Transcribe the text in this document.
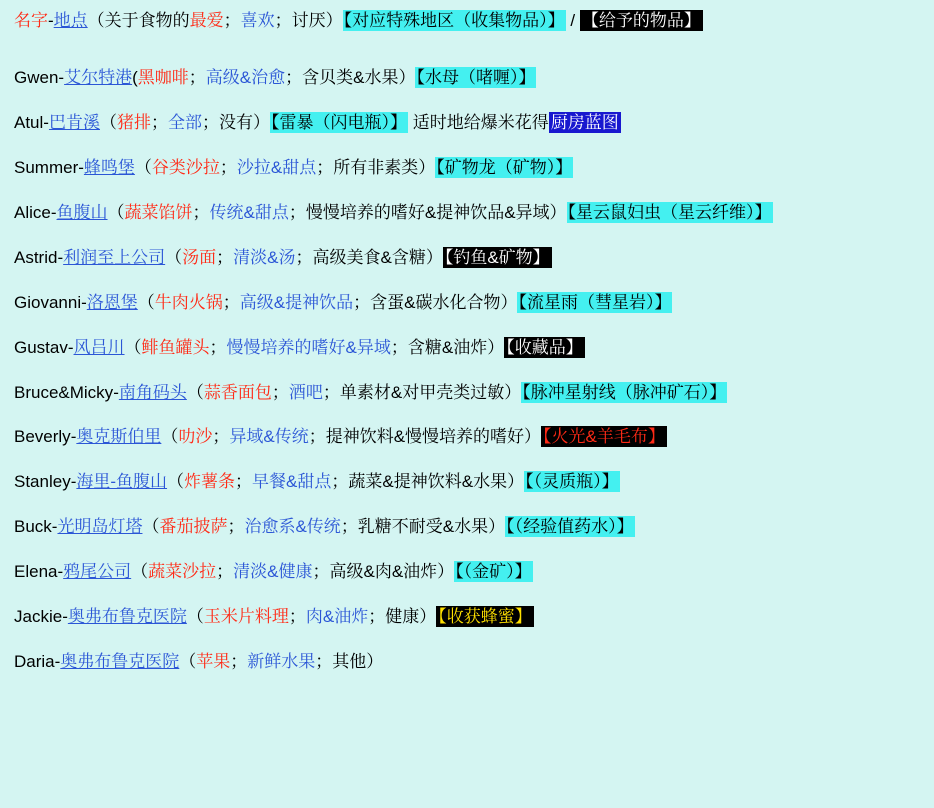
名字-地点（关于食物的最爱；喜欢；讨厌）【对应特殊地区（收集物品）】 / 【给予的物品】
Gwen-艾尔特港(黑咖啡；高级&治愈；含贝类&水果）【水母（啫喱）】
Atul-巴肯溪（猪排；全部；没有）【雷暴（闪电瓶）】 适时地给爆米花得 厨房蓝图
Summer-蜂鸣堡（谷类沙拉；沙拉&甜点；所有非素类）【矿物龙（矿物）】
Alice-鱼腹山（蔬菜馅饼；传统&甜点；慢慢培养的嗜好&提神饮品&异域）【星云鼠妇虫（星云纤维）】
Astrid-利润至上公司（汤面；清淡&汤；高级美食&含糖） 【钓鱼&矿物】
Giovanni-洛恩堡（牛肉火锅；高级&提神饮品；含蛋&碳水化合物）【流星雨（彗星岩）】
Gustav-风吕川（鲱鱼罐头；慢慢培养的嗜好&异域；含糖&油炸） 【收藏品】
Bruce&Micky-南角码头（蒜香面包；酒吧；单素材&对甲壳类过敏）【脉冲星射线（脉冲矿石）】
Beverly-奥克斯伯里（叻沙；异域&传统；提神饮料&慢慢培养的嗜好） 【火光&羊毛布】
Stanley-海里-鱼腹山（炸薯条；早餐&甜点；蔬菜&提神饮料&水果）【（灵质瓶）】
Buck-光明岛灯塔（番茄披萨；治愈系&传统；乳糖不耐受&水果）【（经验值药水）】
Elena-鸦尾公司（蔬菜沙拉；清淡&健康；高级&肉&油炸）【（金矿）】
Jackie-奥弗布鲁克医院（玉米片料理；肉&油炸；健康） 【收获蜂蜜】
Daria-奥弗布鲁克医院（苹果；新鲜水果；其他）
